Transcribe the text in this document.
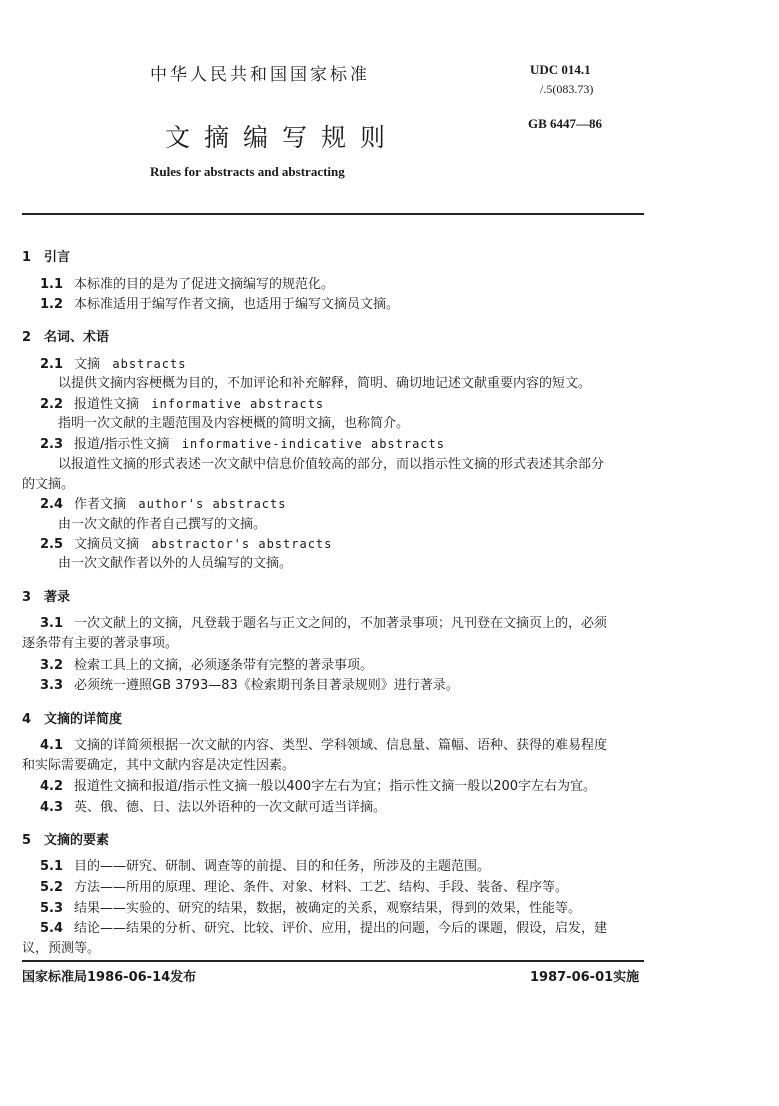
中华人民共和国国家标准	UDC 014.1
/.5(083.73)
GB 6447—86
文摘编写规则
Rules for abstracts and abstracting
1 引言
1.1 本标准的目的是为了促进文摘编写的规范化。
1.2 本标准适用于编写作者文摘，也适用于编写文摘员文摘。
2 名词、术语
2.1 文摘 abstracts
以提供文摘内容梗概为目的，不加评论和补充解释，简明、确切地记述文献重要内容的短文。
2.2 报道性文摘 informative abstracts
指明一次文献的主题范围及内容梗概的简明文摘，也称简介。
2.3 报道/指示性文摘 informative-indicative abstracts
以报道性文摘的形式表述一次文献中信息价值较高的部分，而以指示性文摘的形式表述其余部分
的文摘。
2.4 作者文摘 author's abstracts
由一次文献的作者自己撰写的文摘。
2.5 文摘员文摘 abstractor's abstracts
由一次文献作者以外的人员编写的文摘。
3 著录
3.1 一次文献上的文摘，凡登载于题名与正文之间的，不加著录事项；凡刊登在文摘页上的，必须
逐条带有主要的著录事项。
3.2 检索工具上的文摘，必须逐条带有完整的著录事项。
3.3 必须统一遵照GB 3793—83《检索期刊条目著录规则》进行著录。
4 文摘的详简度
4.1 文摘的详简须根据一次文献的内容、类型、学科领域、信息量、篇幅、语种、获得的难易程度
和实际需要确定，其中文献内容是决定性因素。
4.2 报道性文摘和报道/指示性文摘一般以400字左右为宜；指示性文摘一般以200字左右为宜。
4.3 英、俄、德、日、法以外语种的一次文献可适当详摘。
5 文摘的要素
5.1 目的——研究、研制、调查等的前提、目的和任务，所涉及的主题范围。
5.2 方法——所用的原理、理论、条件、对象、材料、工艺、结构、手段、装备、程序等。
5.3 结果——实验的、研究的结果，数据，被确定的关系，观察结果，得到的效果，性能等。
5.4 结论——结果的分析、研究、比较、评价、应用，提出的问题，今后的课题，假设，启发，建
议，预测等。
国家标准局1986-06-14发布	1987-06-01实施
